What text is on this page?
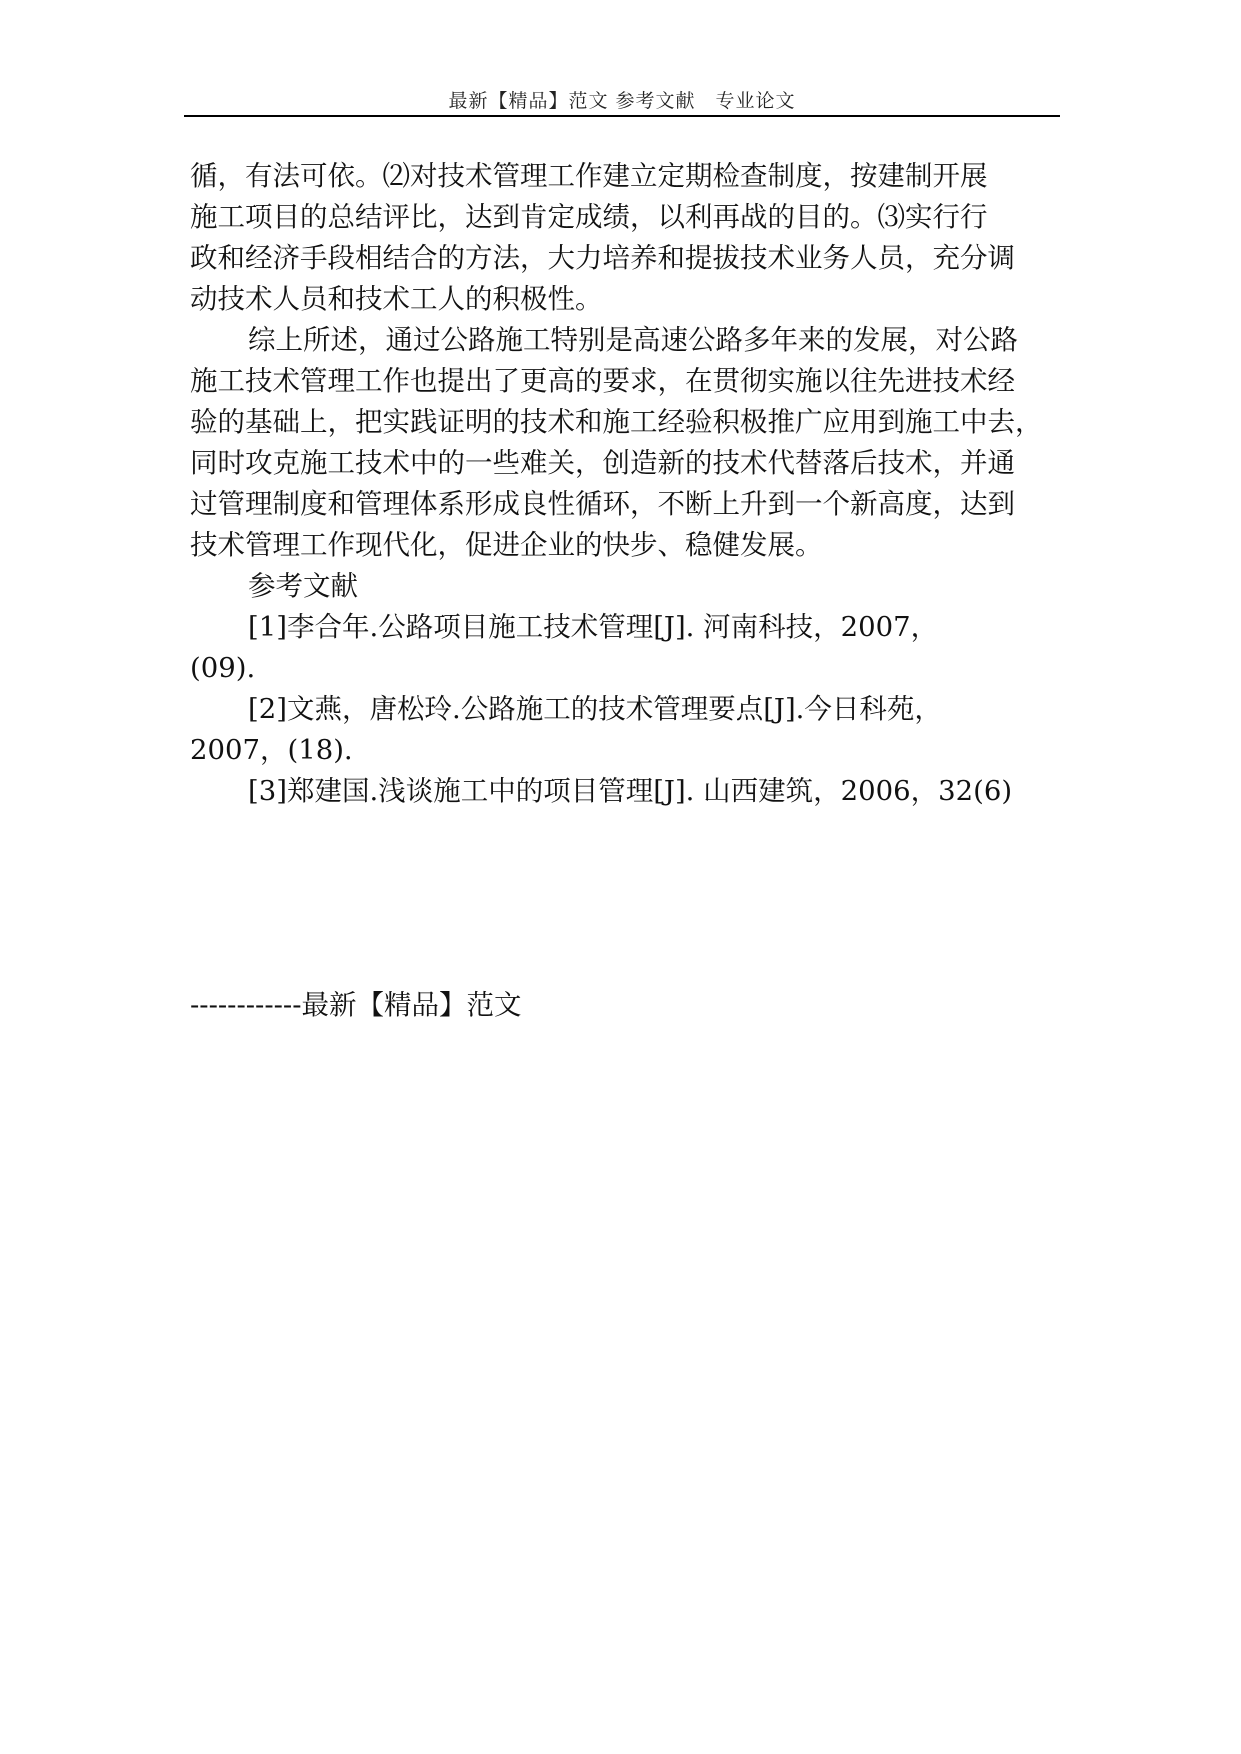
最新【精品】范文 参考文献　专业论文

循，有法可依。⑵对技术管理工作建立定期检查制度，按建制开展

施工项目的总结评比，达到肯定成绩，以利再战的目的。⑶实行行

政和经济手段相结合的方法，大力培养和提拔技术业务人员，充分调

动技术人员和技术工人的积极性。

综上所述，通过公路施工特别是高速公路多年来的发展，对公路

施工技术管理工作也提出了更高的要求，在贯彻实施以往先进技术经

验的基础上，把实践证明的技术和施工经验积极推广应用到施工中去，

同时攻克施工技术中的一些难关，创造新的技术代替落后技术，并通

过管理制度和管理体系形成良性循环，不断上升到一个新高度，达到

技术管理工作现代化，促进企业的快步、稳健发展。

参考文献

[1]李合年.公路项目施工技术管理[J]. 河南科技，2007，

(09).

[2]文燕，唐松玲.公路施工的技术管理要点[J].今日科苑，

2007，(18).

[3]郑建国.浅谈施工中的项目管理[J]. 山西建筑，2006，32(6)

------------最新【精品】范文
